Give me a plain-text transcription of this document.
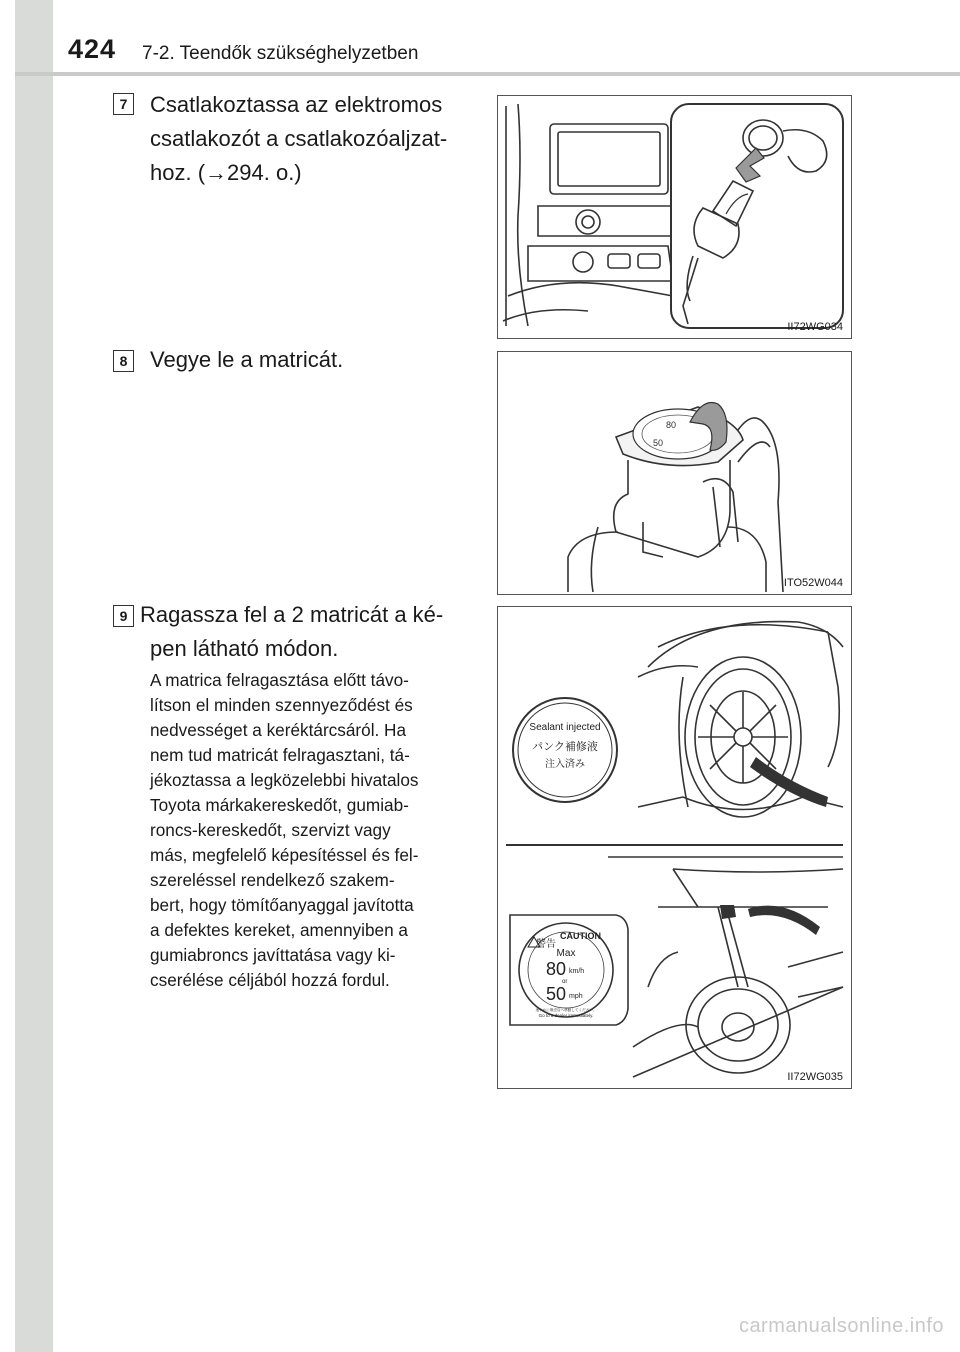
424 7-2. Teendők szükséghelyzetben
7	Csatlakoztassa az elektromos
csatlakozót a csatlakozóaljzat-
hoz. (→294. o.)
II72WG034
8	Vegye le a matricát.
80
50
ITO52W044
9 Ragassza fel a 2 matricát a ké-
pen látható módon.
A matrica felragasztása előtt távo-
lítson el minden szennyeződést és
nedvességet a keréktárcsáról. Ha
nem tud matricát felragasztani, tá-
jékoztassa a legközelebbi hivatalos
Toyota márkakereskedőt, gumiab-
roncs-kereskedőt, szervizt vagy
más, megfelelő képesítéssel és fel-
szereléssel rendelkező szakem-
bert, hogy tömítőanyaggal javította
a defektes kereket, amennyiben a
gumiabroncs javíttatása vagy ki-
cserélése céljából hozzá fordul.
Sealant injected
パンク補修液
注入済み
警告
CAUTION
Max
80 km/h
or
50 mph
速やかに販売店へ移動してください。
Go to a dealer immediately.
II72WG035
carmanualsonline.info
